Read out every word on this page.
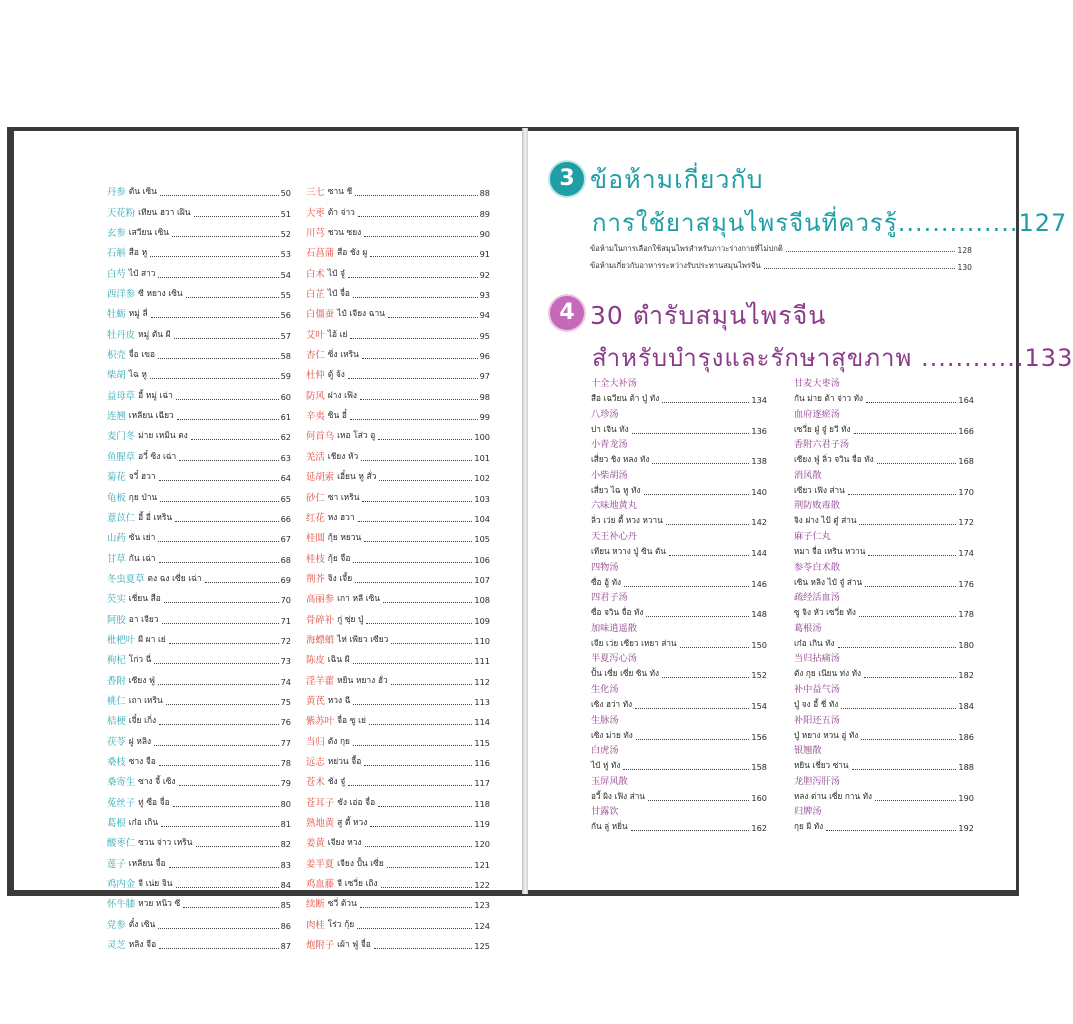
丹参 ตัน เซิน	50
天花粉 เทียน ฮวา เฝิน	51
玄参 เสวียน เซิน	52
石斛 สือ หู	53
白芍 ไป๋ สาว	54
西洋参 ซี หยาง เซิน	55
牡蛎 หมู่ ลี่	56
牡丹皮 หมู่ ตัน ผี	57
枳壳 จื่อ เขอ	58
柴胡 ไฉ หู	59
益母草 อี้ หมู่ เฉ่า	60
连翘 เหลียน เฉียว	61
麦门冬 ม่าย เหมิน ตง	62
鱼腥草 อวี๋ ซิง เฉ่า	63
菊花 จวี๋ ฮวา	64
龟板 กุย ป่าน	65
薏苡仁 อี้ อี่ เหริน	66
山药 ซัน เย่า	67
甘草 กัน เฉ่า	68
冬虫夏草 ตง ฉง เซี่ย เฉ่า	69
芡实 เชี่ยน สือ	70
阿胶 อา เจียว	71
枇杷叶 ผี ผา เย่	72
枸杞 โก่ว ฉี่	73
香附 เซียง ฟู่	74
桃仁 เถา เหริน	75
桔梗 เจี๋ย เกิ่ง	76
茯苓 ฝู หลิง	77
桑枝 ซาง จือ	78
桑寄生 ซาง จี้ เซิง	79
菟丝子 ทู่ ซือ จื่อ	80
葛根 เก๋อ เกิน	81
酸枣仁 ซวน จ่าว เหริน	82
莲子 เหลียน จื่อ	83
鸡内金 จี เน่ย จิน	84
怀牛膝 หวย หนิว ซี	85
党参 ตั๋ง เซิน	86
灵芝 หลิง จือ	87
三七 ซาน ชี	88
大枣 ต้า จ่าว	89
川芎 ชวน ซยง	90
石菖蒲 สือ ชัง ผู	91
白术 ไป๋ จู๋	92
白芷 ไป๋ จื่อ	93
白僵蚕 ไป๋ เจียง ฉาน	94
艾叶 ไอ้ เย่	95
杏仁 ซิ่ง เหริน	96
杜仲 ตู้ จ้ง	97
防风 ฝาง เฟิง	98
辛夷 ซิน อี๋	99
何首乌 เหอ โส่ว อู	100
羌活 เชียง หัว	101
延胡索 เอี๋ยน หู สั่ว	102
砂仁 ซา เหริน	103
红花 หง ฮวา	104
桂圆 กุ้ย หยวน	105
桂枝 กุ้ย จือ	106
荆芥 จิง เจี้ย	107
高丽参 เกา หลี เซิน	108
骨碎补 กู่ ซุ่ย ปู่	109
海螵蛸 ไห่ เพียว เซียว	110
陈皮 เฉิน ผี	111
淫羊藿 หยิน หยาง ฮั่ว	112
黄芪 หวง ฉี	113
紫苏叶 จื่อ ซู เย่	114
当归 ตัง กุย	115
远志 หย่วน จื้อ	116
苍术 ชัง จู๋	117
苍耳子 ชัง เอ่อ จื่อ	118
熟地黄 สู ตี้ หวง	119
姜黄 เจียง หวง	120
姜半夏 เจียง ปั้น เซี่ย	121
鸡血藤 จี เซวี่ย เถิง	122
续断 ซวี่ ต้วน	123
肉桂 โร่ว กุ้ย	124
炮附子 เผ้า ฟู่ จื่อ	125
3 ข้อห้ามเกี่ยวกับ
การใช้ยาสมุนไพรจีนที่ควรรู้..............127
ข้อห้ามในการเลือกใช้สมุนไพรสำหรับภาวะร่างกายที่ไม่ปกติ	128
ข้อห้ามเกี่ยวกับอาหารระหว่างรับประทานสมุนไพรจีน	130
4 30 ตำรับสมุนไพรจีน
สำหรับบำรุงและรักษาสุขภาพ ............133
十全大补汤
สือ เฉวียน ต้า ปู่ ทัง	134
八珍汤
ปา เจิน ทัง	136
小青龙汤
เสี่ยว ชิง หลง ทัง	138
小柴胡汤
เสี่ยว ไฉ หู ทัง	140
六味地黄丸
ลิ่ว เว่ย ตี้ หวง หวาน	142
天王补心丹
เทียน หวาง ปู่ ซิน ตัน	144
四物汤
ซื่อ อู้ ทัง	146
四君子汤
ซื่อ จวิน จื่อ ทัง	148
加味逍遥散
เจีย เว่ย เซียว เหยา ส่าน	150
半夏泻心汤
ปั้น เซี่ย เซี่ย ซิน ทัง	152
生化汤
เซิง ฮว่า ทัง	154
生脉汤
เซิง ม่าย ทัง	156
白虎汤
ไป๋ หู่ ทัง	158
玉屏风散
อวี้ ผิง เฟิง ส่าน	160
甘露饮
กัน ลู่ หยิ่น	162
甘麦大枣汤
กัน ม่าย ต้า จ่าว ทัง	164
血府逐瘀汤
เซวี่ย ฝู่ จู๋ ยวี ทัง	166
香附六君子汤
เซียง ฟู่ ลิ่ว จวิน จื่อ ทัง	168
消风散
เซียว เฟิง ส่าน	170
荆防败毒散
จิง ฝาง ไป้ ตู๋ ส่าน	172
麻子仁丸
หมา จื่อ เหริน หวาน	174
参苓白术散
เซิน หลิง ไป๋ จู๋ ส่าน	176
疏经活血汤
ซู จิง หัว เซวี่ย ทัง	178
葛根汤
เก๋อ เกิน ทัง	180
当归拈痛汤
ตัง กุย เนียน ท่ง ทัง	182
补中益气汤
ปู่ จง อี้ ชี่ ทัง	184
补阳还五汤
ปู่ หยาง หวน อู่ ทัง	186
银翘散
หยิน เชี่ยว ซ่าน	188
龙胆泻肝汤
หลง ต่าน เซี่ย กาน ทัง	190
归脾汤
กุย ผี ทัง	192
